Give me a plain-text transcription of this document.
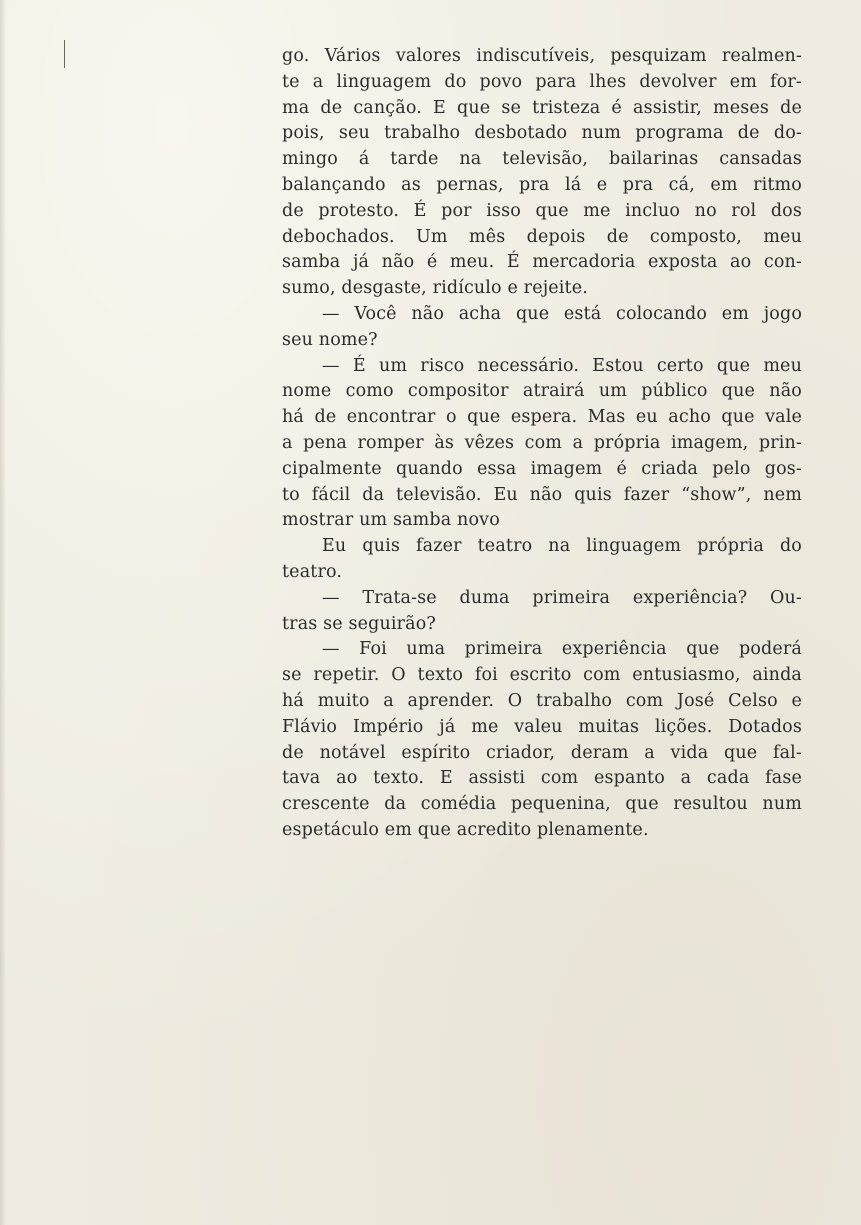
go. Vários valores indiscutíveis, pesquizam realmen-
te a linguagem do povo para lhes devolver em for-
ma de canção. E que se tristeza é assistir, meses de
pois, seu trabalho desbotado num programa de do-
mingo á tarde na televisão, bailarinas cansadas
balançando as pernas, pra lá e pra cá, em ritmo
de protesto. É por isso que me incluo no rol dos
debochados. Um mês depois de composto, meu
samba já não é meu. É mercadoria exposta ao con-
sumo, desgaste, ridículo e rejeite.
— Você não acha que está colocando em jogo
seu nome?
— É um risco necessário. Estou certo que meu
nome como compositor atrairá um público que não
há de encontrar o que espera. Mas eu acho que vale
a pena romper às vêzes com a própria imagem, prin-
cipalmente quando essa imagem é criada pelo gos-
to fácil da televisão. Eu não quis fazer “show”, nem
mostrar um samba novo
Eu quis fazer teatro na linguagem própria do
teatro.
— Trata-se duma primeira experiência? Ou-
tras se seguirão?
— Foi uma primeira experiência que poderá
se repetir. O texto foi escrito com entusiasmo, ainda
há muito a aprender. O trabalho com José Celso e
Flávio Império já me valeu muitas lições. Dotados
de notável espírito criador, deram a vida que fal-
tava ao texto. E assisti com espanto a cada fase
crescente da comédia pequenina, que resultou num
espetáculo em que acredito plenamente.
